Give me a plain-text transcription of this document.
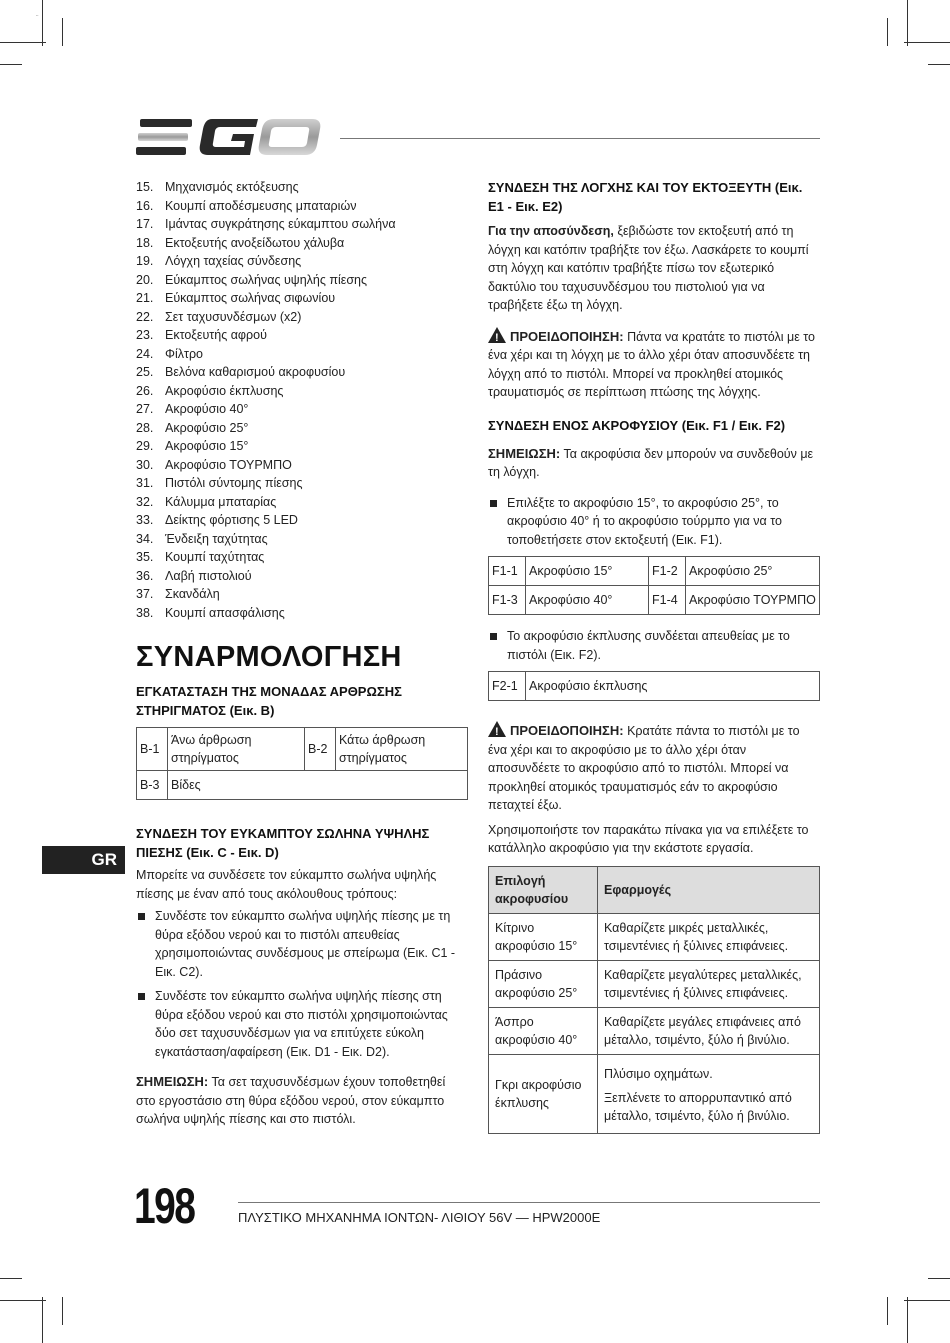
EGO
15. Μηχανισμός εκτόξευσης
16. Κουμπί αποδέσμευσης μπαταριών
17. Ιμάντας συγκράτησης εύκαμπτου σωλήνα
18. Εκτοξευτής ανοξείδωτου χάλυβα
19. Λόγχη ταχείας σύνδεσης
20. Εύκαμπτος σωλήνας υψηλής πίεσης
21. Εύκαμπτος σωλήνας σιφωνίου
22. Σετ ταχυσυνδέσμων (x2)
23. Εκτοξευτής αφρού
24. Φίλτρο
25. Βελόνα καθαρισμού ακροφυσίου
26. Ακροφύσιο έκπλυσης
27. Ακροφύσιο 40°
28. Ακροφύσιο 25°
29. Ακροφύσιο 15°
30. Ακροφύσιο ΤΟΥΡΜΠΟ
31. Πιστόλι σύντομης πίεσης
32. Κάλυμμα μπαταρίας
33. Δείκτης φόρτισης 5 LED
34. Ένδειξη ταχύτητας
35. Κουμπί ταχύτητας
36. Λαβή πιστολιού
37. Σκανδάλη
38. Κουμπί απασφάλισης
ΣΥΝΑΡΜΟΛΟΓΗΣΗ
ΕΓΚΑΤΑΣΤΑΣΗ ΤΗΣ ΜΟΝΑΔΑΣ ΑΡΘΡΩΣΗΣ ΣΤΗΡΙΓΜΑΤΟΣ (Εικ. B)
B-1	Άνω άρθρωση στηρίγματος	B-2	Κάτω άρθρωση στηρίγματος
B-3	Βίδες		
ΣΥΝΔΕΣΗ ΤΟΥ ΕΥΚΑΜΠΤΟΥ ΣΩΛΗΝΑ ΥΨΗΛΗΣ ΠΙΕΣΗΣ (Εικ. C - Εικ. D)

Μπορείτε να συνδέσετε τον εύκαμπτο σωλήνα υψηλής πίεσης με έναν από τους ακόλουθους τρόπους:

Συνδέστε τον εύκαμπτο σωλήνα υψηλής πίεσης με τη θύρα εξόδου νερού και το πιστόλι απευθείας χρησιμοποιώντας συνδέσμους με σπείρωμα (Εικ. C1 - Εικ. C2).
Συνδέστε τον εύκαμπτο σωλήνα υψηλής πίεσης στη θύρα εξόδου νερού και στο πιστόλι χρησιμοποιώντας δύο σετ ταχυσυνδέσμων για να επιτύχετε εύκολη εγκατάσταση/αφαίρεση (Εικ. D1 - Εικ. D2).

ΣΗΜΕΙΩΣΗ: Τα σετ ταχυσυνδέσμων έχουν τοποθετηθεί στο εργοστάσιο στη θύρα εξόδου νερού, στον εύκαμπτο σωλήνα υψηλής πίεσης και στο πιστόλι.

ΣΥΝΔΕΣΗ ΤΗΣ ΛΟΓΧΗΣ ΚΑΙ ΤΟΥ ΕΚΤΟΞΕΥΤΗ (Εικ. E1 - Εικ. E2)

Για την αποσύνδεση, ξεβιδώστε τον εκτοξευτή από τη λόγχη και κατόπιν τραβήξτε τον έξω. Λασκάρετε το κουμπί στη λόγχη και κατόπιν τραβήξτε πίσω τον εξωτερικό δακτύλιο του ταχυσυνδέσμου του πιστολιού για να τραβήξετε έξω τη λόγχη.

!ΠΡΟΕΙΔΟΠΟΙΗΣΗ: Πάντα να κρατάτε το πιστόλι με το ένα χέρι και τη λόγχη με το άλλο χέρι όταν αποσυνδέετε τη λόγχη από το πιστόλι. Μπορεί να προκληθεί ατομικός τραυματισμός σε περίπτωση πτώσης της λόγχης.

ΣΥΝΔΕΣΗ ΕΝΟΣ ΑΚΡΟΦΥΣΙΟΥ (Εικ. F1 / Εικ. F2)

ΣΗΜΕΙΩΣΗ: Τα ακροφύσια δεν μπορούν να συνδεθούν με τη λόγχη.

Επιλέξτε το ακροφύσιο 15°, το ακροφύσιο 25°, το ακροφύσιο 40° ή το ακροφύσιο τούρμπο για να το τοποθετήσετε στον εκτοξευτή (Εικ. F1).
F1-1	Ακροφύσιο 15°	F1-2	Ακροφύσιο 25°
F1-3	Ακροφύσιο 40°	F1-4	Ακροφύσιο ΤΟΥΡΜΠΟ
Το ακροφύσιο έκπλυσης συνδέεται απευθείας με το πιστόλι (Εικ. F2).
F2-1	Ακροφύσιο έκπλυσης

!ΠΡΟΕΙΔΟΠΟΙΗΣΗ: Κρατάτε πάντα το πιστόλι με το ένα χέρι και το ακροφύσιο με το άλλο χέρι όταν αποσυνδέετε το ακροφύσιο από το πιστόλι. Μπορεί να προκληθεί ατομικός τραυματισμός εάν το ακροφύσιο πεταχτεί έξω.

Χρησιμοποιήστε τον παρακάτω πίνακα για να επιλέξετε το κατάλληλο ακροφύσιο για την εκάστοτε εργασία.

Επιλογή ακροφυσίου	Εφαρμογές
Κίτρινο ακροφύσιο 15°	Καθαρίζετε μικρές μεταλλικές, τσιμεντένιες ή ξύλινες επιφάνειες.
Πράσινο ακροφύσιο 25°	Καθαρίζετε μεγαλύτερες μεταλλικές, τσιμεντένιες ή ξύλινες επιφάνειες.
Άσπρο ακροφύσιο 40°	Καθαρίζετε μεγάλες επιφάνειες από μέταλλο, τσιμέντο, ξύλο ή βινύλιο.
Γκρι ακροφύσιο έκπλυσης	Πλύσιμο οχημάτων.
Ξεπλένετε το απορρυπαντικό από μέταλλο, τσιμέντο, ξύλο ή βινύλιο.
GR
198	ΠΛΥΣΤΙΚΟ ΜΗΧΑΝΗΜΑ ΙΟΝΤΩΝ- ΛΙΘΙΟΥ 56V — HPW2000E
